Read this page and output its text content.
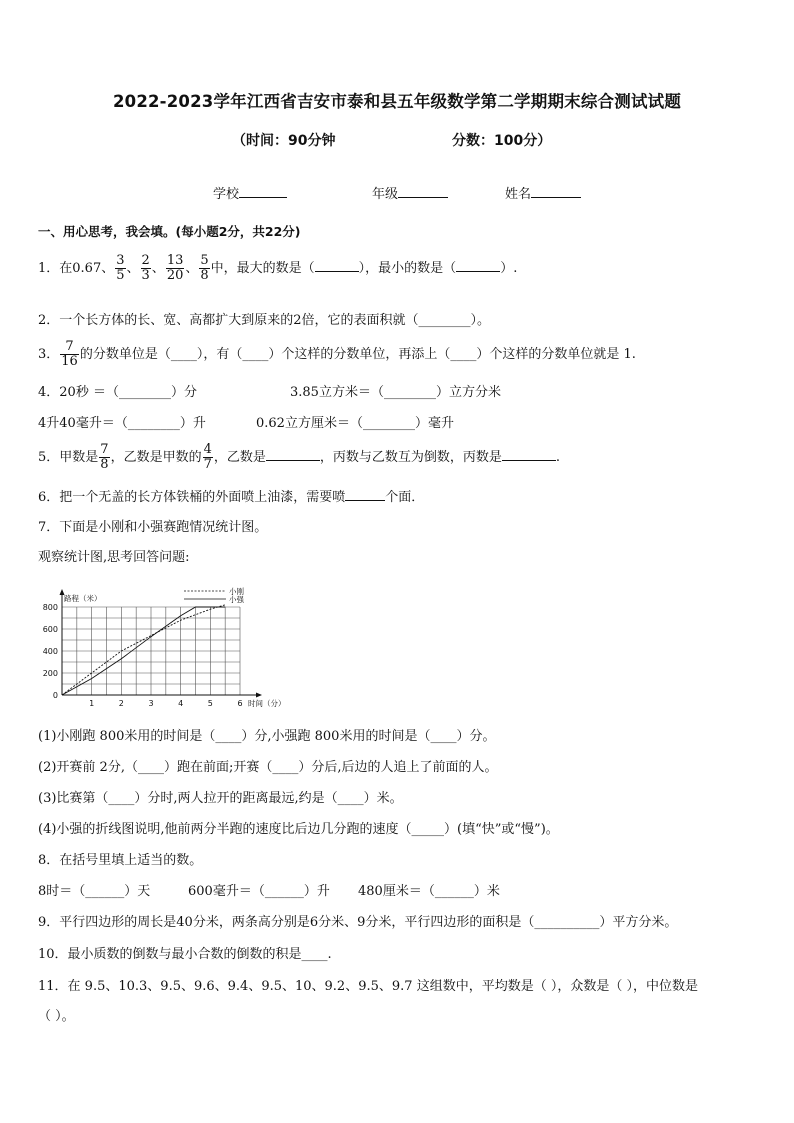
2022-2023学年江西省吉安市泰和县五年级数学第二学期期末综合测试试题
（时间：90分钟	分数：100分）
学校	年级	姓名
一、用心思考，我会填。(每小题2分，共22分)
1．在0.67、 $\frac{3}{5}$ 、 $\frac{2}{3}$ 、 $\frac{13}{20}$ 、 $\frac{5}{8}$ 中，最大的数是（	），最小的数是（	）.
2．一个长方体的长、宽、高都扩大到原来的2倍，它的表面积就（________）。
3． $\frac{7}{16}$ 的分数单位是（____），有（____）个这样的分数单位，再添上（____）个这样的分数单位就是 1.
4．20秒 ＝（________）分	3.85立方米＝（________）立方分米
4升40毫升＝（________）升	0.62立方厘米＝（________）毫升
5．甲数是 $\frac{7}{8}$ ，乙数是甲数的 $\frac{4}{7}$ ，乙数是	，丙数与乙数互为倒数，丙数是	.
6．把一个无盖的长方体铁桶的外面喷上油漆，需要喷	个面．
7．下面是小刚和小强赛跑情况统计图。
观察统计图,思考回答问题:
小刚
小强
1	2	3	4	5	6
0
200
400
600
800
路程（米）
时间（分）
(1)小刚跑 800米用的时间是（____）分,小强跑 800米用的时间是（____）分。
(2)开赛前 2分,（____）跑在前面;开赛（____）分后,后边的人追上了前面的人。
(3)比赛第（____）分时,两人拉开的距离最远,约是（____）米。
(4)小强的折线图说明,他前两分半跑的速度比后边几分跑的速度（_____）(填“快”或“慢”)。
8．在括号里填上适当的数。
8时＝（______）天	600毫升＝（______）升 480厘米＝（______）米
9．平行四边形的周长是40分米，两条高分别是6分米、9分米，平行四边形的面积是（__________）平方分米。
10．最小质数的倒数与最小合数的倒数的积是____.
11．在 9.5、10.3、9.5、9.6、9.4、9.5、10、9.2、9.5、9.7 这组数中，平均数是（ ），众数是（ ），中位数是
（ ）。
